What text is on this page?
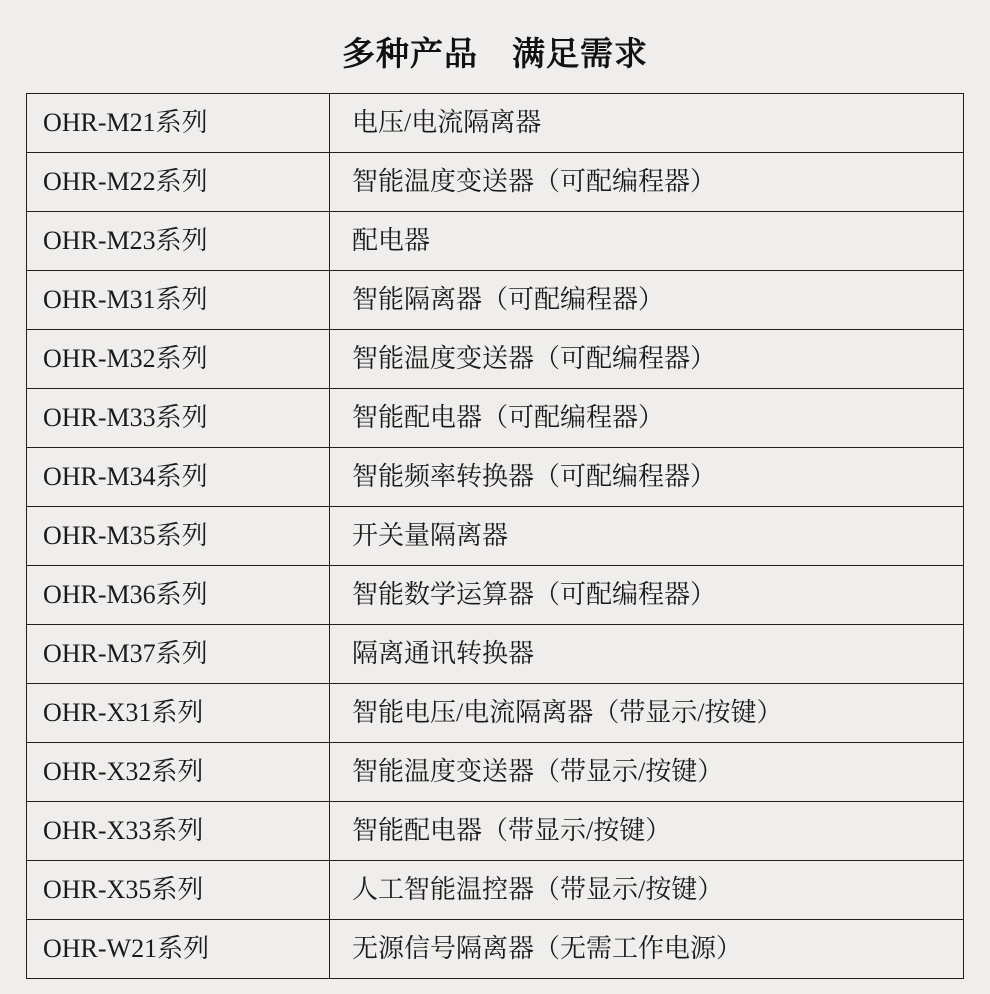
多种产品 满足需求
OHR-M21系列	电压/电流隔离器
OHR-M22系列	智能温度变送器（可配编程器）
OHR-M23系列	配电器
OHR-M31系列	智能隔离器（可配编程器）
OHR-M32系列	智能温度变送器（可配编程器）
OHR-M33系列	智能配电器（可配编程器）
OHR-M34系列	智能频率转换器（可配编程器）
OHR-M35系列	开关量隔离器
OHR-M36系列	智能数学运算器（可配编程器）
OHR-M37系列	隔离通讯转换器
OHR-X31系列	智能电压/电流隔离器（带显示/按键）
OHR-X32系列	智能温度变送器（带显示/按键）
OHR-X33系列	智能配电器（带显示/按键）
OHR-X35系列	人工智能温控器（带显示/按键）
OHR-W21系列	无源信号隔离器（无需工作电源）
